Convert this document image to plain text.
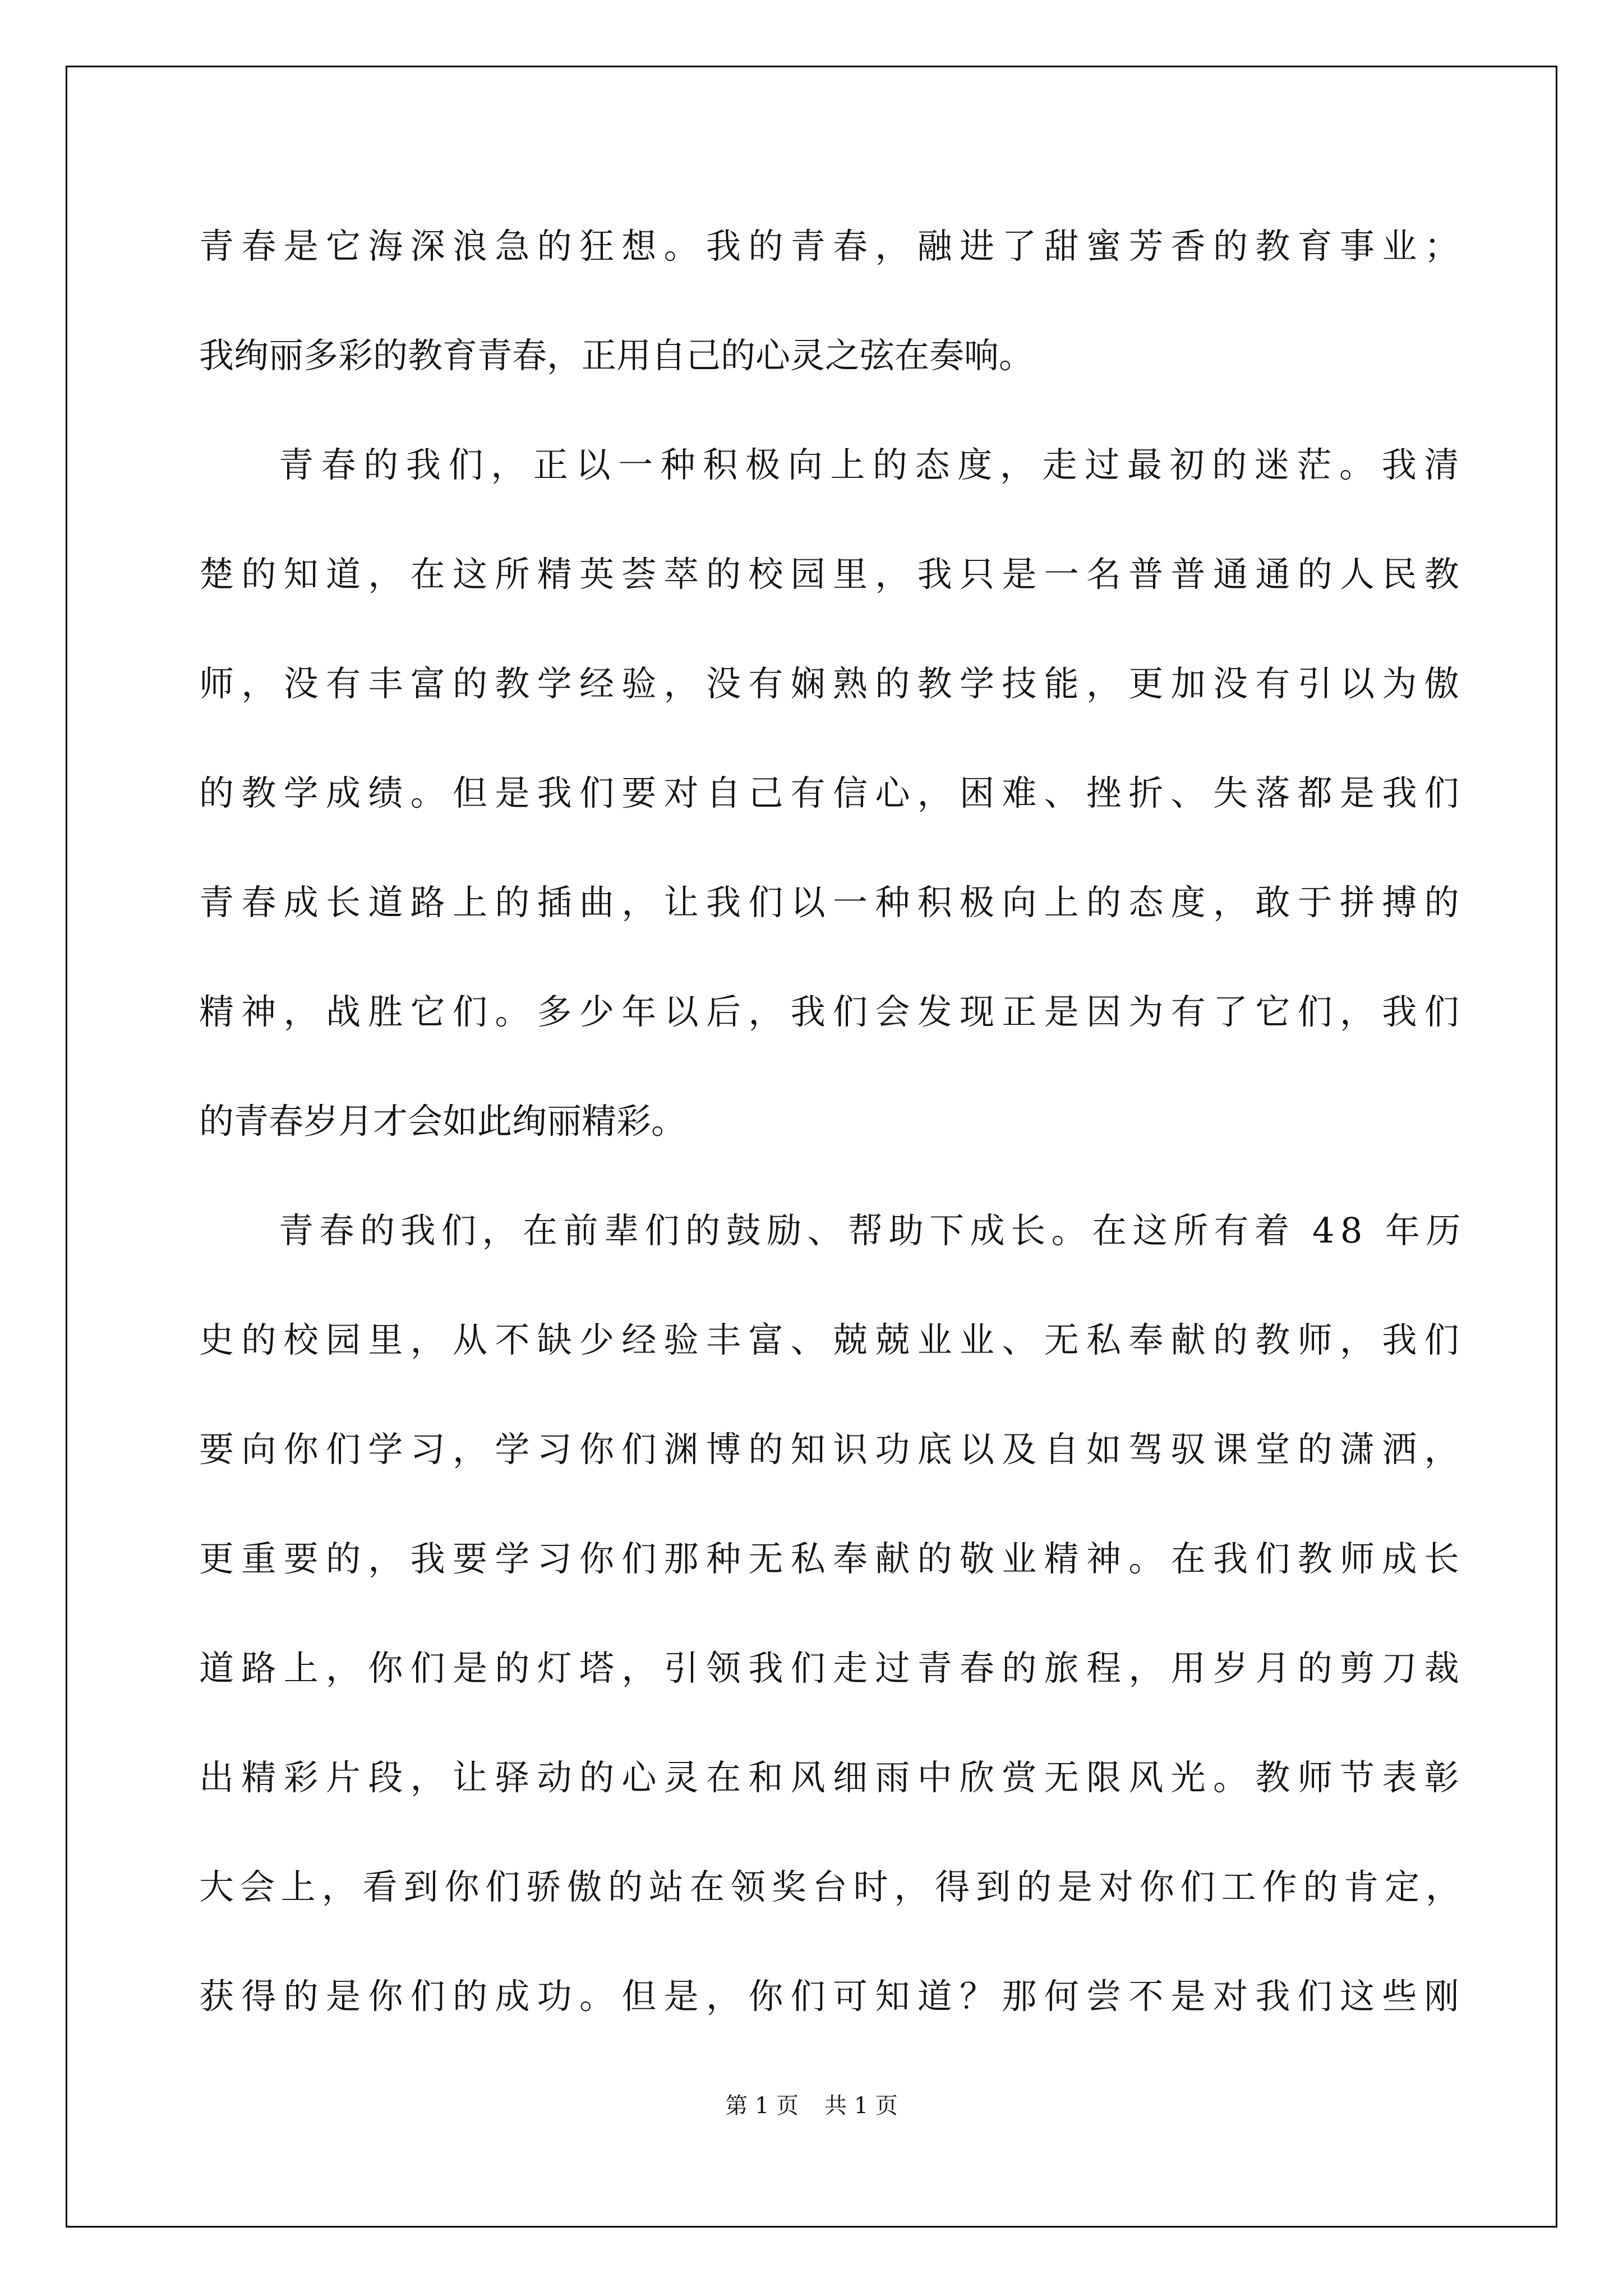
青春是它海深浪急的狂想。我的青春，融进了甜蜜芳香的教育事业；
我绚丽多彩的教育青春，正用自己的心灵之弦在奏响。
青春的我们，正以一种积极向上的态度，走过最初的迷茫。我清
楚的知道，在这所精英荟萃的校园里，我只是一名普普通通的人民教
师，没有丰富的教学经验，没有娴熟的教学技能，更加没有引以为傲
的教学成绩。但是我们要对自己有信心，困难、挫折、失落都是我们
青春成长道路上的插曲，让我们以一种积极向上的态度，敢于拼搏的
精神，战胜它们。多少年以后，我们会发现正是因为有了它们，我们
的青春岁月才会如此绚丽精彩。
青春的我们，在前辈们的鼓励、帮助下成长。在这所有着 48 年历
史的校园里，从不缺少经验丰富、兢兢业业、无私奉献的教师，我们
要向你们学习，学习你们渊博的知识功底以及自如驾驭课堂的潇洒，
更重要的，我要学习你们那种无私奉献的敬业精神。在我们教师成长
道路上，你们是的灯塔，引领我们走过青春的旅程，用岁月的剪刀裁
出精彩片段，让驿动的心灵在和风细雨中欣赏无限风光。教师节表彰
大会上，看到你们骄傲的站在领奖台时，得到的是对你们工作的肯定，
获得的是你们的成功。但是，你们可知道？那何尝不是对我们这些刚
第 1 页 共 1 页
